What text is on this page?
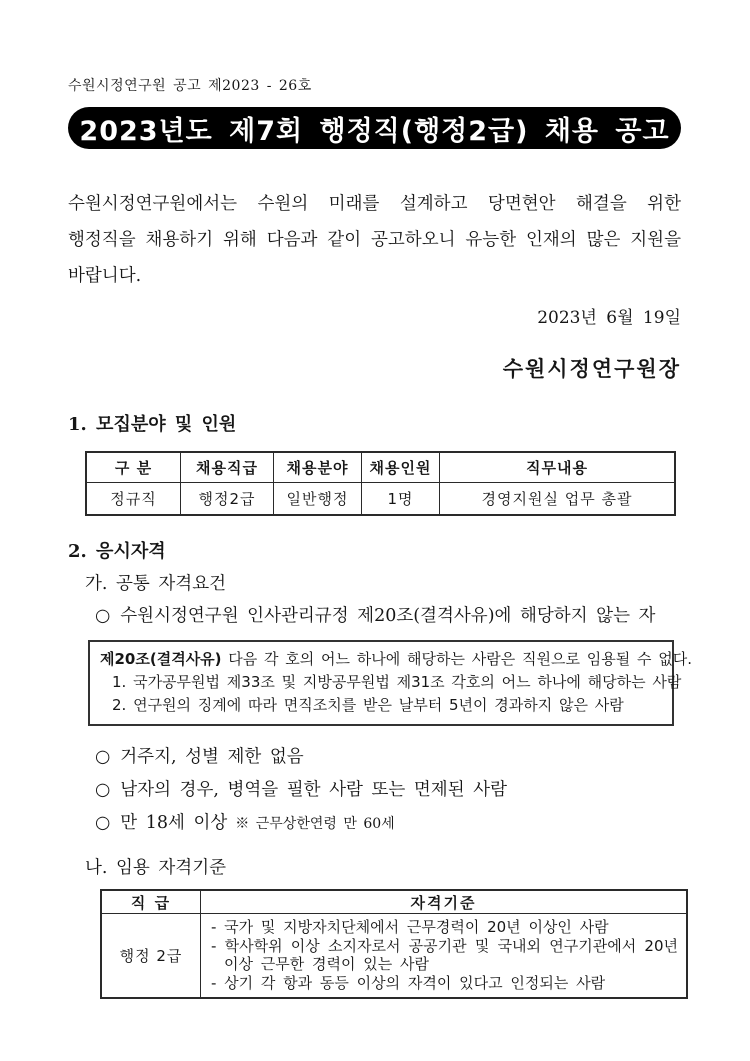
수원시정연구원 공고 제2023 - 26호
2023년도 제7회 행정직(행정2급) 채용 공고

수원시정연구원에서는 수원의 미래를 설계하고 당면현안 해결을 위한 행정직을 채용하기 위해 다음과 같이 공고하오니 유능한 인재의 많은 지원을 바랍니다.

2023년 6월 19일
수원시정연구원장
1. 모집분야 및 인원
구 분	채용직급	채용분야	채용인원	직무내용
정규직	행정2급	일반행정	1명	경영지원실 업무 총괄
2. 응시자격
가. 공통 자격요건
○ 수원시정연구원 인사관리규정 제20조(결격사유)에 해당하지 않는 자
제20조(결격사유) 다음 각 호의 어느 하나에 해당하는 사람은 직원으로 임용될 수 없다.
1. 국가공무원법 제33조 및 지방공무원법 제31조 각호의 어느 하나에 해당하는 사람
2. 연구원의 징계에 따라 면직조치를 받은 날부터 5년이 경과하지 않은 사람
○ 거주지, 성별 제한 없음
○ 남자의 경우, 병역을 필한 사람 또는 면제된 사람
○ 만 18세 이상 ※ 근무상한연령 만 60세
나. 임용 자격기준
직 급	자격기준
행정 2급	- 국가 및 지방자치단체에서 근무경력이 20년 이상인 사람
- 학사학위 이상 소지자로서 공공기관 및 국내외 연구기관에서 20년 이상 근무한 경력이 있는 사람
- 상기 각 항과 동등 이상의 자격이 있다고 인정되는 사람
